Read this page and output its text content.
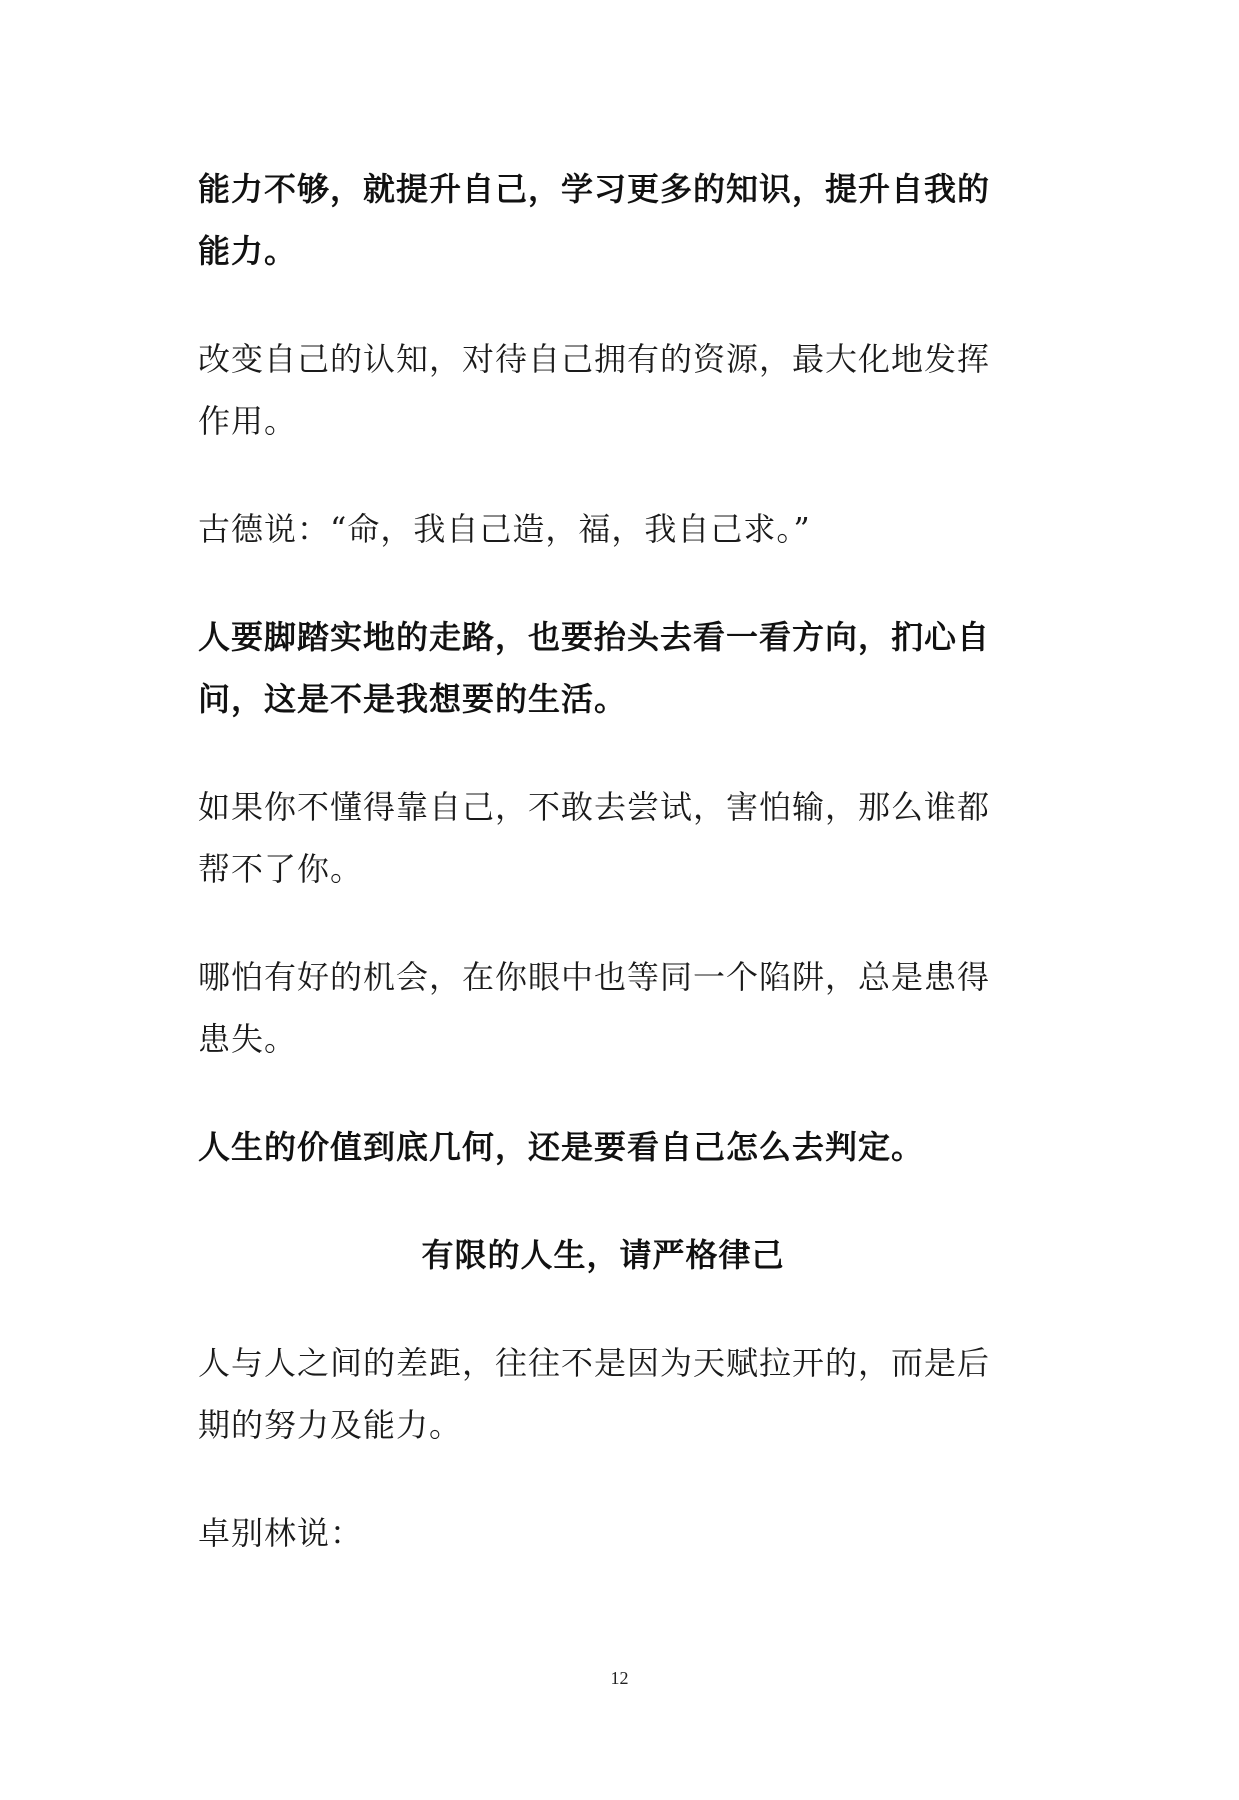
能力不够，就提升自己，学习更多的知识，提升自我的能力。

改变自己的认知，对待自己拥有的资源，最大化地发挥作用。

古德说：“命，我自己造，福，我自己求。”

人要脚踏实地的走路，也要抬头去看一看方向，扪心自问，这是不是我想要的生活。

如果你不懂得靠自己，不敢去尝试，害怕输，那么谁都帮不了你。

哪怕有好的机会，在你眼中也等同一个陷阱，总是患得患失。

人生的价值到底几何，还是要看自己怎么去判定。

有限的人生，请严格律己

人与人之间的差距，往往不是因为天赋拉开的，而是后期的努力及能力。

卓别林说：

12
